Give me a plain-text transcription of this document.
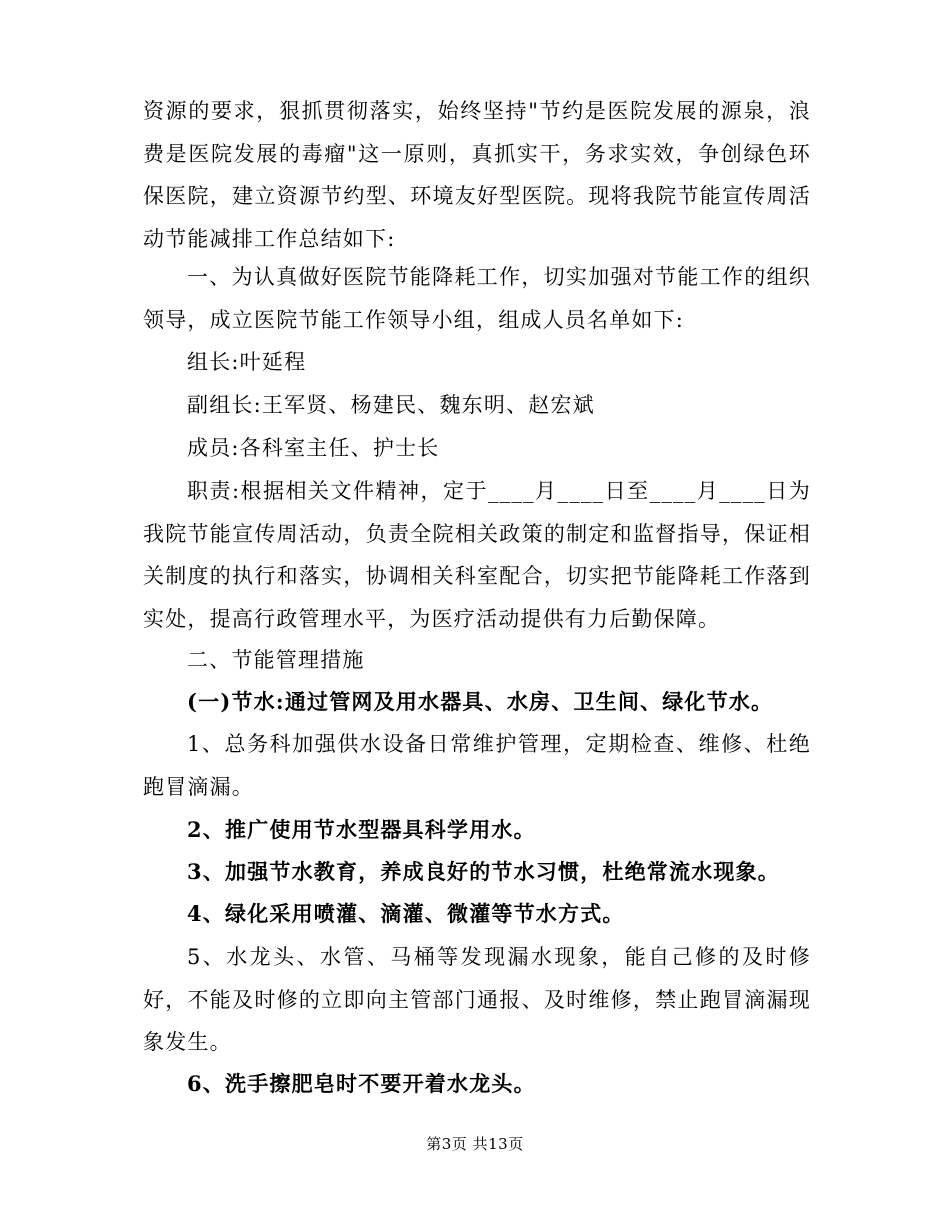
资源的要求，狠抓贯彻落实，始终坚持"节约是医院发展的源泉，浪费是医院发展的毒瘤"这一原则，真抓实干，务求实效，争创绿色环保医院，建立资源节约型、环境友好型医院。现将我院节能宣传周活动节能减排工作总结如下:

一、为认真做好医院节能降耗工作，切实加强对节能工作的组织领导，成立医院节能工作领导小组，组成人员名单如下:

组长:叶延程

副组长:王军贤、杨建民、魏东明、赵宏斌

成员:各科室主任、护士长

职责:根据相关文件精神，定于____月____日至____月____日为我院节能宣传周活动，负责全院相关政策的制定和监督指导，保证相关制度的执行和落实，协调相关科室配合，切实把节能降耗工作落到实处，提高行政管理水平，为医疗活动提供有力后勤保障。

二、节能管理措施

(一)节水:通过管网及用水器具、水房、卫生间、绿化节水。

1、总务科加强供水设备日常维护管理，定期检查、维修、杜绝跑冒滴漏。

2、推广使用节水型器具科学用水。

3、加强节水教育，养成良好的节水习惯，杜绝常流水现象。

4、绿化采用喷灌、滴灌、微灌等节水方式。

5、水龙头、水管、马桶等发现漏水现象，能自己修的及时修好，不能及时修的立即向主管部门通报、及时维修，禁止跑冒滴漏现象发生。

6、洗手擦肥皂时不要开着水龙头。

第3页 共13页
